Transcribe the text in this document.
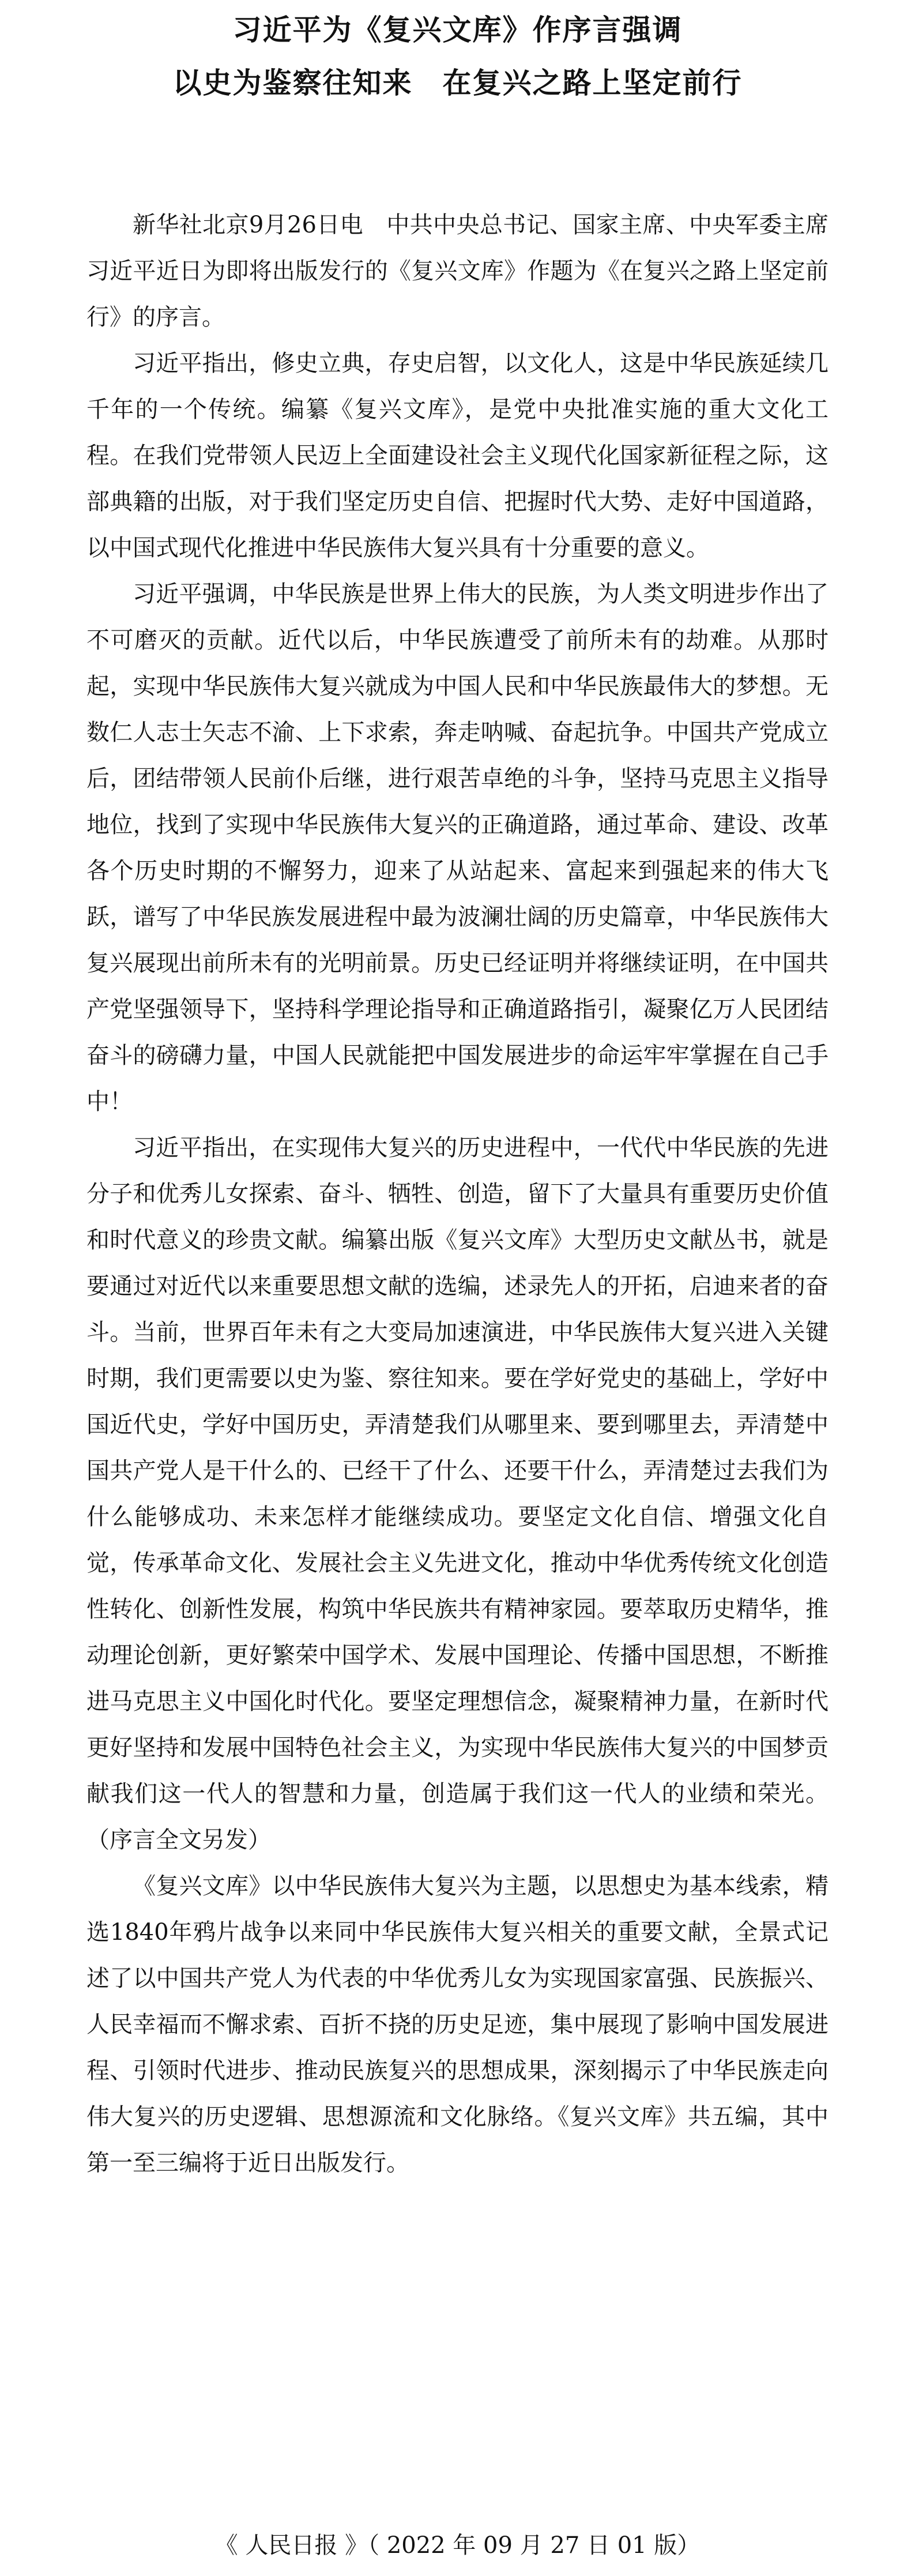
习近平为《复兴文库》作序言强调
以史为鉴察往知来　在复兴之路上坚定前行

新华社北京9月26日电　中共中央总书记、国家主席、中央军委主席习近平近日为即将出版发行的《复兴文库》作题为《在复兴之路上坚定前行》的序言。

习近平指出，修史立典，存史启智，以文化人，这是中华民族延续几千年的一个传统。编纂《复兴文库》，是党中央批准实施的重大文化工程。在我们党带领人民迈上全面建设社会主义现代化国家新征程之际，这部典籍的出版，对于我们坚定历史自信、把握时代大势、走好中国道路，以中国式现代化推进中华民族伟大复兴具有十分重要的意义。

习近平强调，中华民族是世界上伟大的民族，为人类文明进步作出了不可磨灭的贡献。近代以后，中华民族遭受了前所未有的劫难。从那时起，实现中华民族伟大复兴就成为中国人民和中华民族最伟大的梦想。无数仁人志士矢志不渝、上下求索，奔走呐喊、奋起抗争。中国共产党成立后，团结带领人民前仆后继，进行艰苦卓绝的斗争，坚持马克思主义指导地位，找到了实现中华民族伟大复兴的正确道路，通过革命、建设、改革各个历史时期的不懈努力，迎来了从站起来、富起来到强起来的伟大飞跃，谱写了中华民族发展进程中最为波澜壮阔的历史篇章，中华民族伟大复兴展现出前所未有的光明前景。历史已经证明并将继续证明，在中国共产党坚强领导下，坚持科学理论指导和正确道路指引，凝聚亿万人民团结奋斗的磅礴力量，中国人民就能把中国发展进步的命运牢牢掌握在自己手中！

习近平指出，在实现伟大复兴的历史进程中，一代代中华民族的先进分子和优秀儿女探索、奋斗、牺牲、创造，留下了大量具有重要历史价值和时代意义的珍贵文献。编纂出版《复兴文库》大型历史文献丛书，就是要通过对近代以来重要思想文献的选编，述录先人的开拓，启迪来者的奋斗。当前，世界百年未有之大变局加速演进，中华民族伟大复兴进入关键时期，我们更需要以史为鉴、察往知来。要在学好党史的基础上，学好中国近代史，学好中国历史，弄清楚我们从哪里来、要到哪里去，弄清楚中国共产党人是干什么的、已经干了什么、还要干什么，弄清楚过去我们为什么能够成功、未来怎样才能继续成功。要坚定文化自信、增强文化自觉，传承革命文化、发展社会主义先进文化，推动中华优秀传统文化创造性转化、创新性发展，构筑中华民族共有精神家园。要萃取历史精华，推动理论创新，更好繁荣中国学术、发展中国理论、传播中国思想，不断推进马克思主义中国化时代化。要坚定理想信念，凝聚精神力量，在新时代更好坚持和发展中国特色社会主义，为实现中华民族伟大复兴的中国梦贡献我们这一代人的智慧和力量，创造属于我们这一代人的业绩和荣光。（序言全文另发）

《复兴文库》以中华民族伟大复兴为主题，以思想史为基本线索，精选1840年鸦片战争以来同中华民族伟大复兴相关的重要文献，全景式记述了以中国共产党人为代表的中华优秀儿女为实现国家富强、民族振兴、人民幸福而不懈求索、百折不挠的历史足迹，集中展现了影响中国发展进程、引领时代进步、推动民族复兴的思想成果，深刻揭示了中华民族走向伟大复兴的历史逻辑、思想源流和文化脉络。《复兴文库》共五编，其中第一至三编将于近日出版发行。

《 人民日报 》（ 2022 年 09 月 27 日 01 版）
